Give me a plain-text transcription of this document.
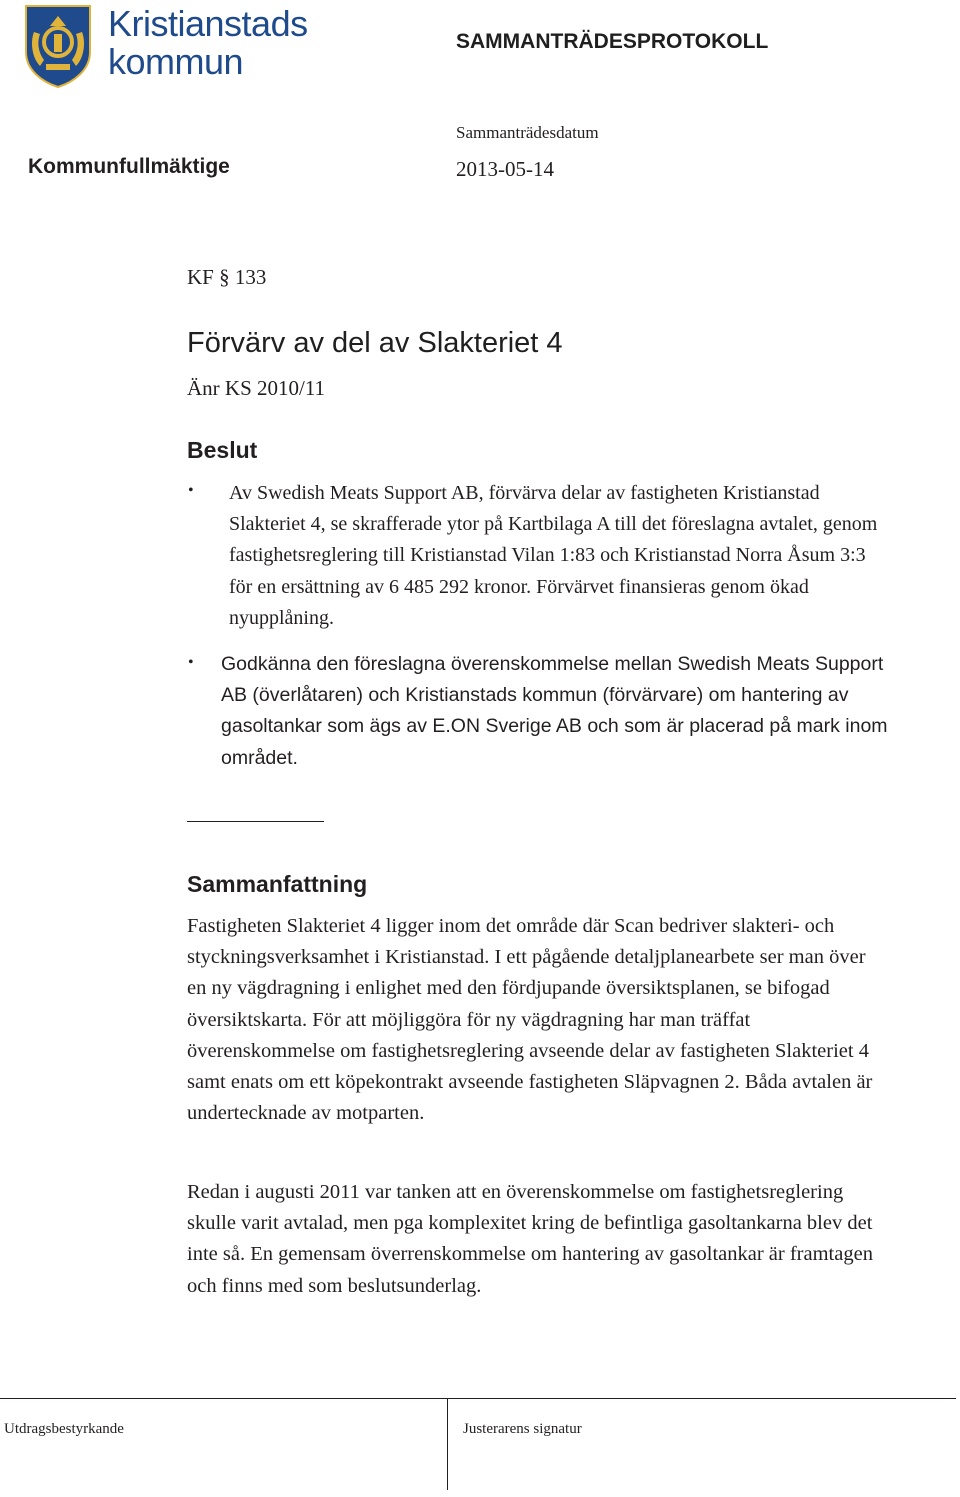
Kristianstads
kommun	SAMMANTRÄDESPROTOKOLL
Sammanträdesdatum
Kommunfullmäktige	2013-05-14
KF § 133
Förvärv av del av Slakteriet 4
Änr KS 2010/11
Beslut
• Av Swedish Meats Support AB, förvärva delar av fastigheten Kristianstad Slakteriet 4, se skrafferade ytor på Kartbilaga A till det föreslagna avtalet, genom fastighetsreglering till Kristianstad Vilan 1:83 och Kristianstad Norra Åsum 3:3 för en ersättning av 6 485 292 kronor. Förvärvet finansieras genom ökad nyupplåning.
• Godkänna den föreslagna överenskommelse mellan Swedish Meats Support AB (överlåtaren) och Kristianstads kommun (förvärvare) om hantering av gasoltankar som ägs av E.ON Sverige AB och som är placerad på mark inom området.
Sammanfattning
Fastigheten Slakteriet 4 ligger inom det område där Scan bedriver slakteri- och styckningsverksamhet i Kristianstad. I ett pågående detaljplanearbete ser man över en ny vägdragning i enlighet med den fördjupande översiktsplanen, se bifogad översiktskarta. För att möjliggöra för ny vägdragning har man träffat överenskommelse om fastighetsreglering avseende delar av fastigheten Slakteriet 4 samt enats om ett köpekontrakt avseende fastigheten Släpvagnen 2. Båda avtalen är undertecknade av motparten.
Redan i augusti 2011 var tanken att en överenskommelse om fastighetsreglering skulle varit avtalad, men pga komplexitet kring de befintliga gasoltankarna blev det inte så. En gemensam överrenskommelse om hantering av gasoltankar är framtagen och finns med som beslutsunderlag.
Utdragsbestyrkande	Justerarens signatur
